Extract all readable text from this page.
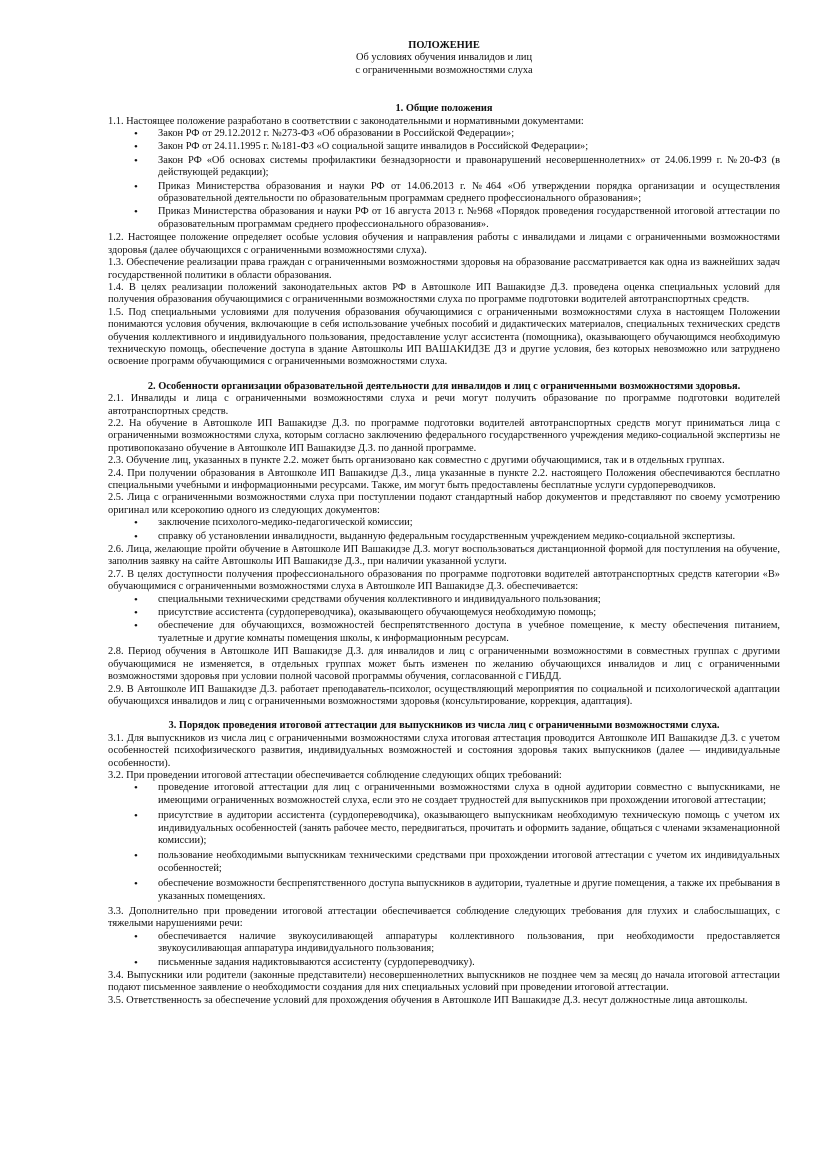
ПОЛОЖЕНИЕ
Об условиях обучения инвалидов и лиц
с ограниченными возможностями слуха
1. Общие положения

1.1. Настоящее положение разработано в соответствии с законодательными и нормативными документами:

• Закон РФ от 29.12.2012 г. №273-ФЗ «Об образовании в Российской Федерации»;
• Закон РФ от 24.11.1995 г. №181-ФЗ «О социальной защите инвалидов в Российской Федерации»;
• Закон РФ «Об основах системы профилактики безнадзорности и правонарушений несовершеннолетних» от 24.06.1999 г. №20-ФЗ (в действующей редакции);
• Приказ Министерства образования и науки РФ от 14.06.2013 г. №464 «Об утверждении порядка организации и осуществления образовательной деятельности по образовательным программам среднего профессионального образования»;
• Приказ Министерства образования и науки РФ от 16 августа 2013 г. №968 «Порядок проведения государственной итоговой аттестации по образовательным программам среднего профессионального образования».

1.2. Настоящее положение определяет особые условия обучения и направления работы с инвалидами и лицами с ограниченными возможностями здоровья (далее обучающихся с ограниченными возможностями слуха).

1.3. Обеспечение реализации права граждан с ограниченными возможностями здоровья на образование рассматривается как одна из важнейших задач государственной политики в области образования.

1.4. В целях реализации положений законодательных актов РФ в Автошколе ИП Вашакидзе Д.З. проведена оценка специальных условий для получения образования обучающимися с ограниченными возможностями слуха по программе подготовки водителей автотранспортных средств.

1.5. Под специальными условиями для получения образования обучающимися с ограниченными возможностями слуха в настоящем Положении понимаются условия обучения, включающие в себя использование учебных пособий и дидактических материалов, специальных технических средств обучения коллективного и индивидуального пользования, предоставление услуг ассистента (помощника), оказывающего обучающимся необходимую техническую помощь, обеспечение доступа в здание Автошколы ИП ВАШАКИДЗЕ ДЗ и другие условия, без которых невозможно или затруднено освоение программ обучающимися с ограниченными возможностями слуха.

2. Особенности организации образовательной деятельности для инвалидов и лиц с ограниченными возможностями здоровья.

2.1. Инвалиды и лица с ограниченными возможностями слуха и речи могут получить образование по программе подготовки водителей автотранспортных средств.

2.2. На обучение в Автошколе ИП Вашакидзе Д.З. по программе подготовки водителей автотранспортных средств могут приниматься лица с ограниченными возможностями слуха, которым согласно заключению федерального государственного учреждения медико-социальной экспертизы не противопоказано обучение в Автошколе ИП Вашакидзе Д.З. по данной программе.

2.3. Обучение лиц, указанных в пункте 2.2. может быть организовано как совместно с другими обучающимися, так и в отдельных группах.

2.4. При получении образования в Автошколе ИП Вашакидзе Д.З., лица указанные в пункте 2.2. настоящего Положения обеспечиваются бесплатно специальными учебными и информационными ресурсами. Также, им могут быть предоставлены бесплатные услуги сурдопереводчиков.

2.5. Лица с ограниченными возможностями слуха при поступлении подают стандартный набор документов и представляют по своему усмотрению оригинал или ксерокопию одного из следующих документов:

• заключение психолого-медико-педагогической комиссии;
• справку об установлении инвалидности, выданную федеральным государственным учреждением медико-социальной экспертизы.

2.6. Лица, желающие пройти обучение в Автошколе ИП Вашакидзе Д.З. могут воспользоваться дистанционной формой для поступления на обучение, заполнив заявку на сайте Автошколы ИП Вашакидзе Д.З., при наличии указанной услуги.

2.7. В целях доступности получения профессионального образования по программе подготовки водителей автотранспортных средств категории «В» обучающимися с ограниченными возможностями слуха в Автошколе ИП Вашакидзе Д.З. обеспечивается:

• специальными техническими средствами обучения коллективного и индивидуального пользования;
• присутствие ассистента (сурдопереводчика), оказывающего обучающемуся необходимую помощь;
• обеспечение для обучающихся, возможностей беспрепятственного доступа в учебное помещение, к месту обеспечения питанием, туалетные и другие комнаты помещения школы, к информационным ресурсам.

2.8. Период обучения в Автошколе ИП Вашакидзе Д.З. для инвалидов и лиц с ограниченными возможностями в совместных группах с другими обучающимися не изменяется, в отдельных группах может быть изменен по желанию обучающихся инвалидов и лиц с ограниченными возможностями здоровья при условии полной часовой программы обучения, согласованной с ГИБДД.

2.9. В Автошколе ИП Вашакидзе Д.З. работает преподаватель-психолог, осуществляющий мероприятия по социальной и психологической адаптации обучающихся инвалидов и лиц с ограниченными возможностями здоровья (консультирование, коррекция, адаптация).

3. Порядок проведения итоговой аттестации для выпускников из числа лиц с ограниченными возможностями слуха.

3.1. Для выпускников из числа лиц с ограниченными возможностями слуха итоговая аттестация проводится Автошколе ИП Вашакидзе Д.З. с учетом особенностей психофизического развития, индивидуальных возможностей и состояния здоровья таких выпускников (далее — индивидуальные особенности).

3.2. При проведении итоговой аттестации обеспечивается соблюдение следующих общих требований:

• проведение итоговой аттестации для лиц с ограниченными возможностями слуха в одной аудитории совместно с выпускниками, не имеющими ограниченных возможностей слуха, если это не создает трудностей для выпускников при прохождении итоговой аттестации;
• присутствие в аудитории ассистента (сурдопереводчика), оказывающего выпускникам необходимую техническую помощь с учетом их индивидуальных особенностей (занять рабочее место, передвигаться, прочитать и оформить задание, общаться с членами экзаменационной комиссии);
• пользование необходимыми выпускникам техническими средствами при прохождении итоговой аттестации с учетом их индивидуальных особенностей;
• обеспечение возможности беспрепятственного доступа выпускников в аудитории, туалетные и другие помещения, а также их пребывания в указанных помещениях.

3.3. Дополнительно при проведении итоговой аттестации обеспечивается соблюдение следующих требования для глухих и слабослышащих, с тяжелыми нарушениями речи:

• обеспечивается наличие звукоусиливающей аппаратуры коллективного пользования, при необходимости предоставляется звукоусиливающая аппаратура индивидуального пользования;
• письменные задания надиктовываются ассистенту (сурдопереводчику).

3.4. Выпускники или родители (законные представители) несовершеннолетних выпускников не позднее чем за месяц до начала итоговой аттестации подают письменное заявление о необходимости создания для них специальных условий при проведении итоговой аттестации.

3.5. Ответственность за обеспечение условий для прохождения обучения в Автошколе ИП Вашакидзе Д.З. несут должностные лица автошколы.
